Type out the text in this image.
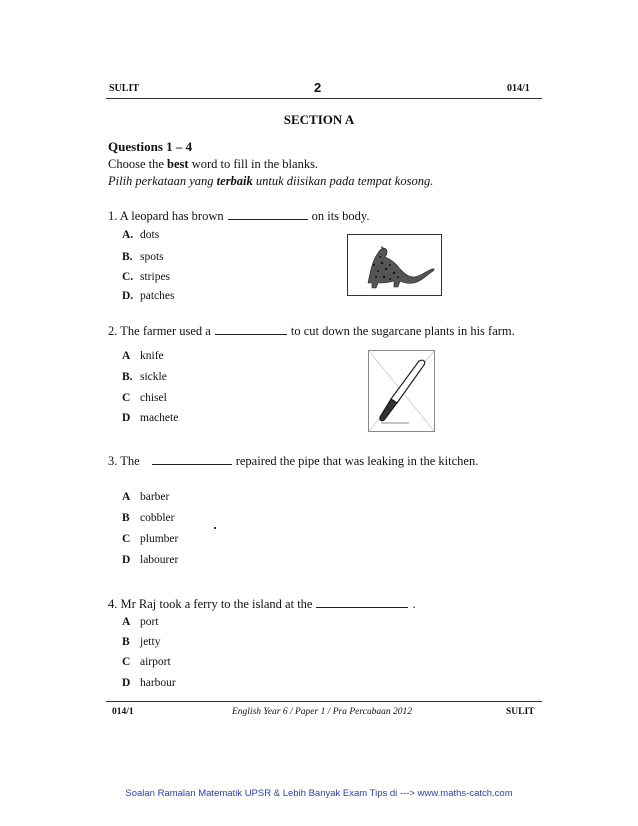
SULIT	2	014/1
SECTION A
Questions 1 – 4
Choose the best word to fill in the blanks.
Pilih perkataan yang terbaik untuk diisikan pada tempat kosong.
1. A leopard has brown	on its body.
A. dots
B. spots
C. stripes
D. patches
2. The farmer used a	to cut down the sugarcane plants in his farm.
A knife
B. sickle
C chisel
D machete
3. The	repaired the pipe that was leaking in the kitchen.
A barber
B cobbler
C plumber
D labourer
4. Mr Raj took a ferry to the island at the	.
A port
B jetty
C airport
D harbour
014/1	English Year 6 / Paper 1 / Pra Percubaan 2012	SULIT
Soalan Ramalan Matematik UPSR & Lebih Banyak Exam Tips di ---> www.maths-catch.com
